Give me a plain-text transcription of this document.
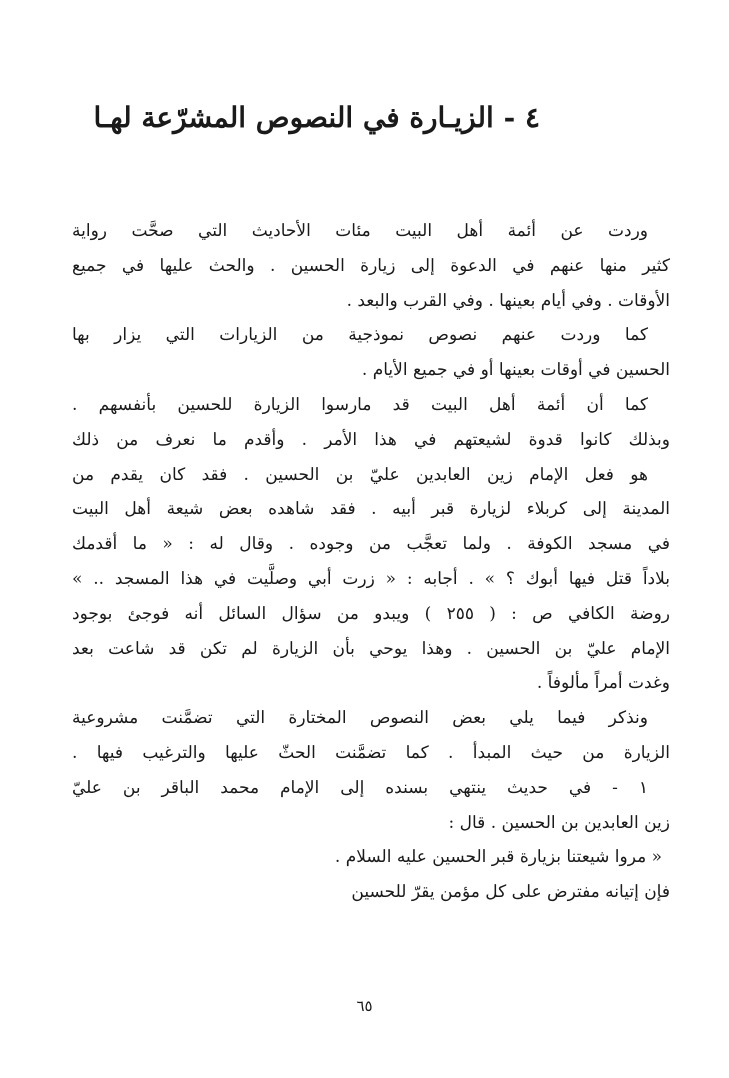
٤ - الزيـارة في النصوص المشرّعة لهـا
وردت عن أئمة أهل البيت مئات الأحاديث التي صحَّت رواية
كثير منها عنهم في الدعوة إلى زيارة الحسين . والحث عليها في جميع
الأوقات . وفي أيام بعينها . وفي القرب والبعد .
كما وردت عنهم نصوص نموذجية من الزيارات التي يزار بها
الحسين في أوقات بعينها أو في جميع الأيام .
كما أن أئمة أهل البيت قد مارسوا الزيارة للحسين بأنفسهم .
وبذلك كانوا قدوة لشيعتهم في هذا الأمر . وأقدم ما نعرف من ذلك
هو فعل الإمام زين العابدين عليّ بن الحسين . فقد كان يقدم من
المدينة إلى كربلاء لزيارة قبر أبيه . فقد شاهده بعض شيعة أهل البيت
في مسجد الكوفة . ولما تعجَّب من وجوده . وقال له : « ما أقدمك
بلاداً قتل فيها أبوك ؟ » . أجابه : « زرت أبي وصلَّيت في هذا المسجد .. »
روضة الكافي ص : ( ٢٥٥ ) ويبدو من سؤال السائل أنه فوجئ بوجود
الإمام عليّ بن الحسين . وهذا يوحي بأن الزيارة لم تكن قد شاعت بعد
وغدت أمراً مألوفاً .
ونذكر فيما يلي بعض النصوص المختارة التي تضمَّنت مشروعية
الزيارة من حيث المبدأ . كما تضمَّنت الحثّ عليها والترغيب فيها .
١ - في حديث ينتهي بسنده إلى الإمام محمد الباقر بن عليّ
زين العابدين بن الحسين . قال :
« مروا شيعتنا بزيارة قبر الحسين عليه السلام .
فإن إتيانه مفترض على كل مؤمن يقرّ للحسين
٦٥
